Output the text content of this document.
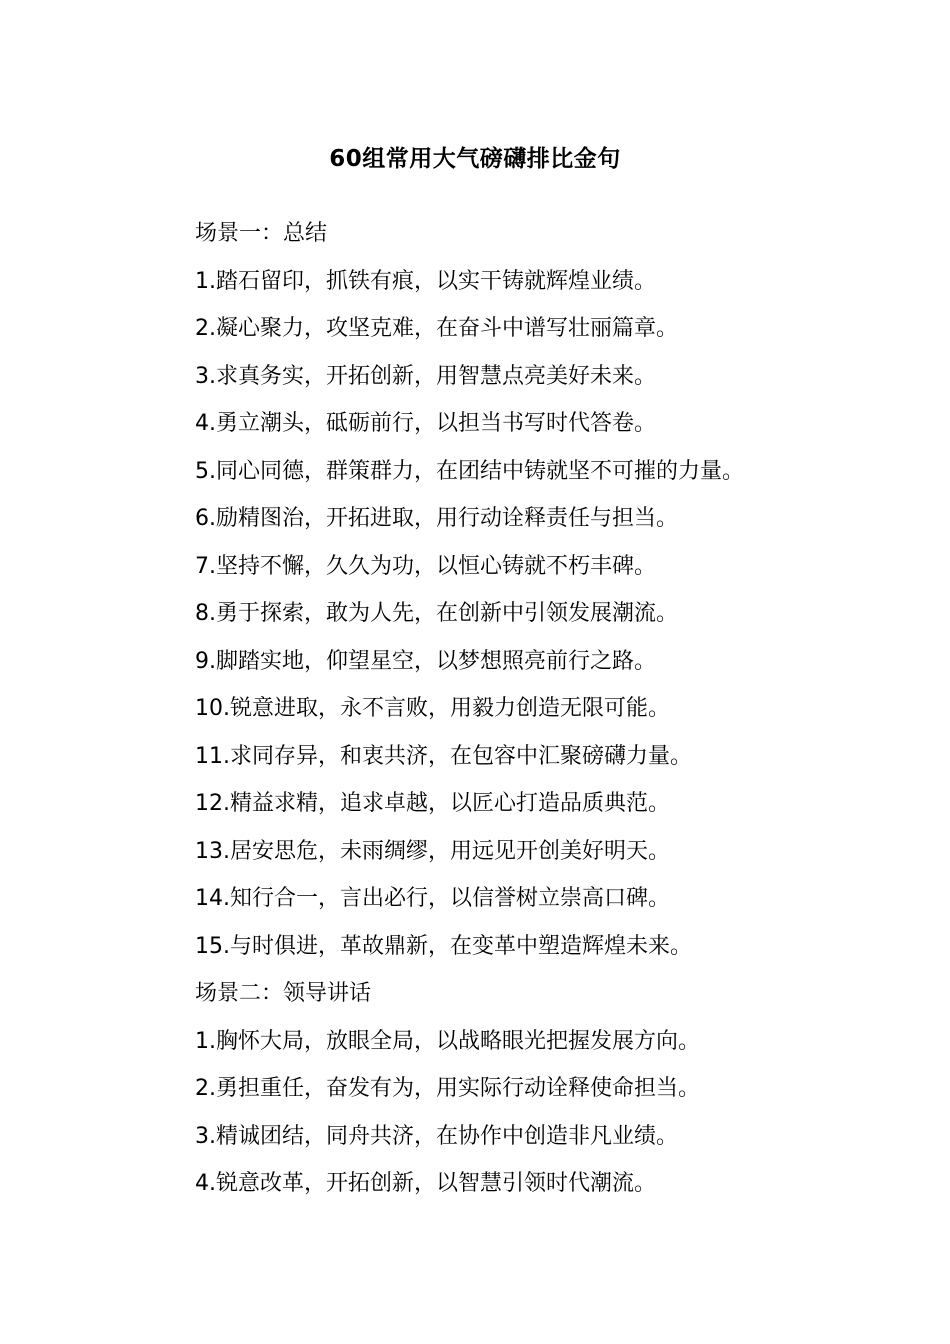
60组常用大气磅礴排比金句
场景一：总结
1.踏石留印，抓铁有痕，以实干铸就辉煌业绩。
2.凝心聚力，攻坚克难，在奋斗中谱写壮丽篇章。
3.求真务实，开拓创新，用智慧点亮美好未来。
4.勇立潮头，砥砺前行，以担当书写时代答卷。
5.同心同德，群策群力，在团结中铸就坚不可摧的力量。
6.励精图治，开拓进取，用行动诠释责任与担当。
7.坚持不懈，久久为功，以恒心铸就不朽丰碑。
8.勇于探索，敢为人先，在创新中引领发展潮流。
9.脚踏实地，仰望星空，以梦想照亮前行之路。
10.锐意进取，永不言败，用毅力创造无限可能。
11.求同存异，和衷共济，在包容中汇聚磅礴力量。
12.精益求精，追求卓越，以匠心打造品质典范。
13.居安思危，未雨绸缪，用远见开创美好明天。
14.知行合一，言出必行，以信誉树立崇高口碑。
15.与时俱进，革故鼎新，在变革中塑造辉煌未来。
场景二：领导讲话
1.胸怀大局，放眼全局，以战略眼光把握发展方向。
2.勇担重任，奋发有为，用实际行动诠释使命担当。
3.精诚团结，同舟共济，在协作中创造非凡业绩。
4.锐意改革，开拓创新，以智慧引领时代潮流。
